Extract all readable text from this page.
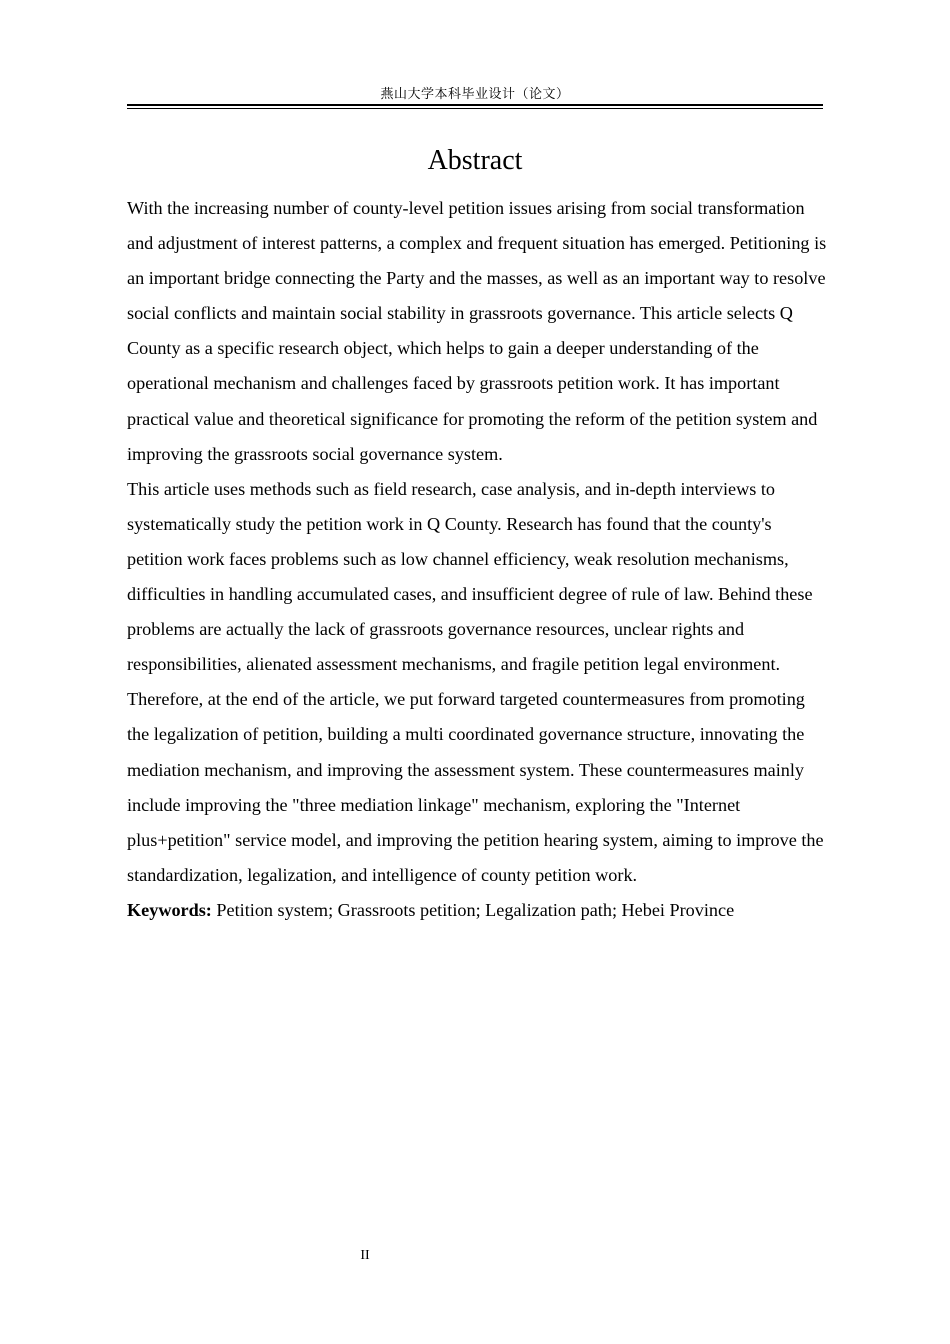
燕山大学本科毕业设计（论文）
Abstract

With the increasing number of county-level petition issues arising from social transformation and adjustment of interest patterns, a complex and frequent situation has emerged. Petitioning is an important bridge connecting the Party and the masses, as well as an important way to resolve social conflicts and maintain social stability in grassroots governance. This article selects Q County as a specific research object, which helps to gain a deeper understanding of the operational mechanism and challenges faced by grassroots petition work. It has important practical value and theoretical significance for promoting the reform of the petition system and improving the grassroots social governance system.

This article uses methods such as field research, case analysis, and in-depth interviews to systematically study the petition work in Q County. Research has found that the county's petition work faces problems such as low channel efficiency, weak resolution mechanisms, difficulties in handling accumulated cases, and insufficient degree of rule of law. Behind these problems are actually the lack of grassroots governance resources, unclear rights and responsibilities, alienated assessment mechanisms, and fragile petition legal environment. Therefore, at the end of the article, we put forward targeted countermeasures from promoting the legalization of petition, building a multi coordinated governance structure, innovating the mediation mechanism, and improving the assessment system. These countermeasures mainly include improving the "three mediation linkage" mechanism, exploring the "Internet plus+petition" service model, and improving the petition hearing system, aiming to improve the standardization, legalization, and intelligence of county petition work.

Keywords: Petition system; Grassroots petition; Legalization path; Hebei Province

II
